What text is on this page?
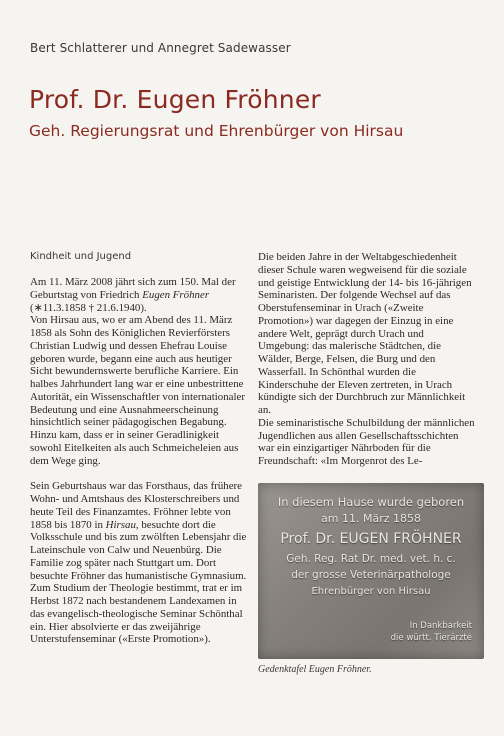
Bert Schlatterer und Annegret Sadewasser
Prof. Dr. Eugen Fröhner
Geh. Regierungsrat und Ehrenbürger von Hirsau
Kindheit und Jugend

Am 11. März 2008 jährt sich zum 150. Mal der Geburtstag von Friedrich Eugen Fröhner (∗11.3.1858 † 21.6.1940).

Von Hirsau aus, wo er am Abend des 11. März 1858 als Sohn des Königlichen Revierförsters Christian Ludwig und dessen Ehefrau Louise geboren wurde, begann eine auch aus heutiger Sicht bewundernswerte berufliche Karriere. Ein halbes Jahrhundert lang war er eine unbestrittene Autorität, ein Wissenschaftler von internationaler Bedeutung und eine Ausnahmeerscheinung hinsichtlich seiner pädagogischen Begabung. Hinzu kam, dass er in seiner Geradlinigkeit sowohl Eitelkeiten als auch Schmeicheleien aus dem Wege ging.

Sein Geburtshaus war das Forsthaus, das frühere Wohn- und Amtshaus des Klosterschreibers und heute Teil des Finanzamtes. Fröhner lebte von 1858 bis 1870 in Hirsau, besuchte dort die Volksschule und bis zum zwölften Lebensjahr die Lateinschule von Calw und Neuenbürg. Die Familie zog später nach Stuttgart um. Dort besuchte Fröhner das humanistische Gymnasium. Zum Studium der Theologie bestimmt, trat er im Herbst 1872 nach bestandenem Landexamen in das evangelisch-theologische Seminar Schönthal ein. Hier absolvierte er das zweijährige Unterstufenseminar («Erste Promotion»).

Die beiden Jahre in der Weltabgeschiedenheit dieser Schule waren wegweisend für die soziale und geistige Entwicklung der 14- bis 16-jährigen Seminaristen. Der folgende Wechsel auf das Oberstufenseminar in Urach («Zweite Promotion») war dagegen der Einzug in eine andere Welt, geprägt durch Urach und Umgebung: das malerische Städtchen, die Wälder, Berge, Felsen, die Burg und den Wasserfall. In Schönthal wurden die Kinderschuhe der Eleven zertreten, in Urach kündigte sich der Durchbruch zur Männlichkeit an.

Die seminaristische Schulbildung der männlichen Jugendlichen aus allen Gesellschaftsschichten war ein einzigartiger Nährboden für die Freundschaft: «Im Morgenrot des Le-

In diesem Hause wurde geboren
am 11. März 1858
Prof. Dr. EUGEN FRÖHNER
Geh. Reg. Rat Dr. med. vet. h. c.
der grosse Veterinärpathologe
Ehrenbürger von Hirsau
In Dankbarkeit
die württ. Tierärzte
Gedenktafel Eugen Fröhner.
